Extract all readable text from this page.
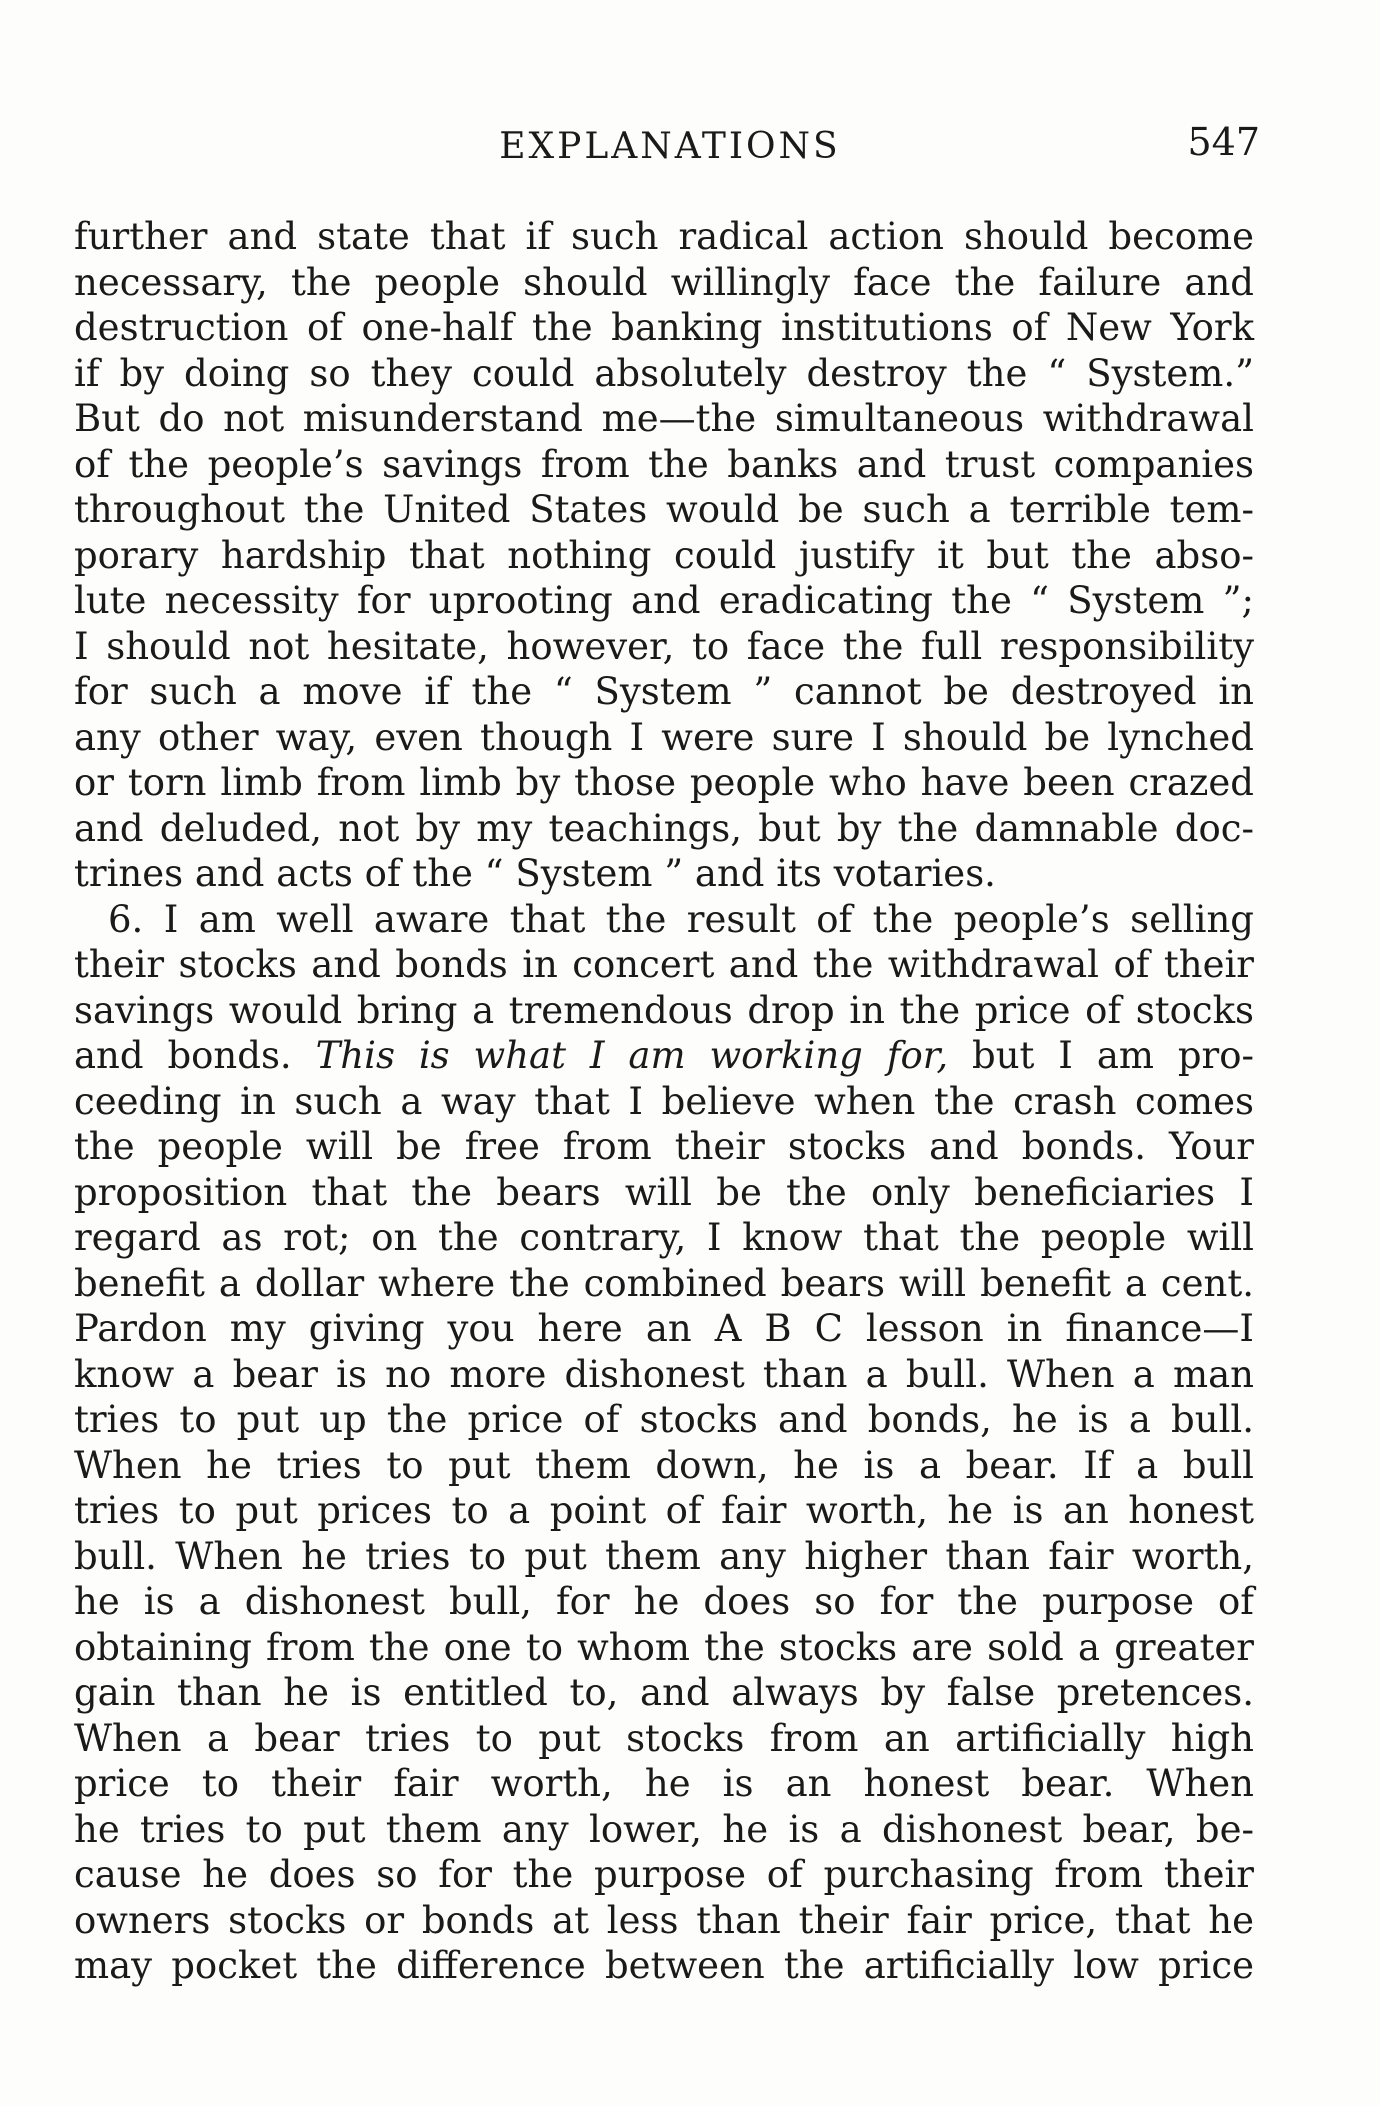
EXPLANATIONS	547
further and state that if such radical action should become
necessary, the people should willingly face the failure and
destruction of one-half the banking institutions of New York
if by doing so they could absolutely destroy the “ System.”
But do not misunderstand me—the simultaneous withdrawal
of the people’s savings from the banks and trust companies
throughout the United States would be such a terrible tem-
porary hardship that nothing could justify it but the abso-
lute necessity for uprooting and eradicating the “ System ”;
I should not hesitate, however, to face the full responsibility
for such a move if the “ System ” cannot be destroyed in
any other way, even though I were sure I should be lynched
or torn limb from limb by those people who have been crazed
and deluded, not by my teachings, but by the damnable doc-
trines and acts of the “ System ” and its votaries.
6. I am well aware that the result of the people’s selling
their stocks and bonds in concert and the withdrawal of their
savings would bring a tremendous drop in the price of stocks
and bonds. This is what I am working for, but I am pro-
ceeding in such a way that I believe when the crash comes
the people will be free from their stocks and bonds. Your
proposition that the bears will be the only beneficiaries I
regard as rot; on the contrary, I know that the people will
benefit a dollar where the combined bears will benefit a cent.
Pardon my giving you here an A B C lesson in finance—I
know a bear is no more dishonest than a bull. When a man
tries to put up the price of stocks and bonds, he is a bull.
When he tries to put them down, he is a bear. If a bull
tries to put prices to a point of fair worth, he is an honest
bull. When he tries to put them any higher than fair worth,
he is a dishonest bull, for he does so for the purpose of
obtaining from the one to whom the stocks are sold a greater
gain than he is entitled to, and always by false pretences.
When a bear tries to put stocks from an artificially high
price to their fair worth, he is an honest bear. When
he tries to put them any lower, he is a dishonest bear, be-
cause he does so for the purpose of purchasing from their
owners stocks or bonds at less than their fair price, that he
may pocket the difference between the artificially low price
